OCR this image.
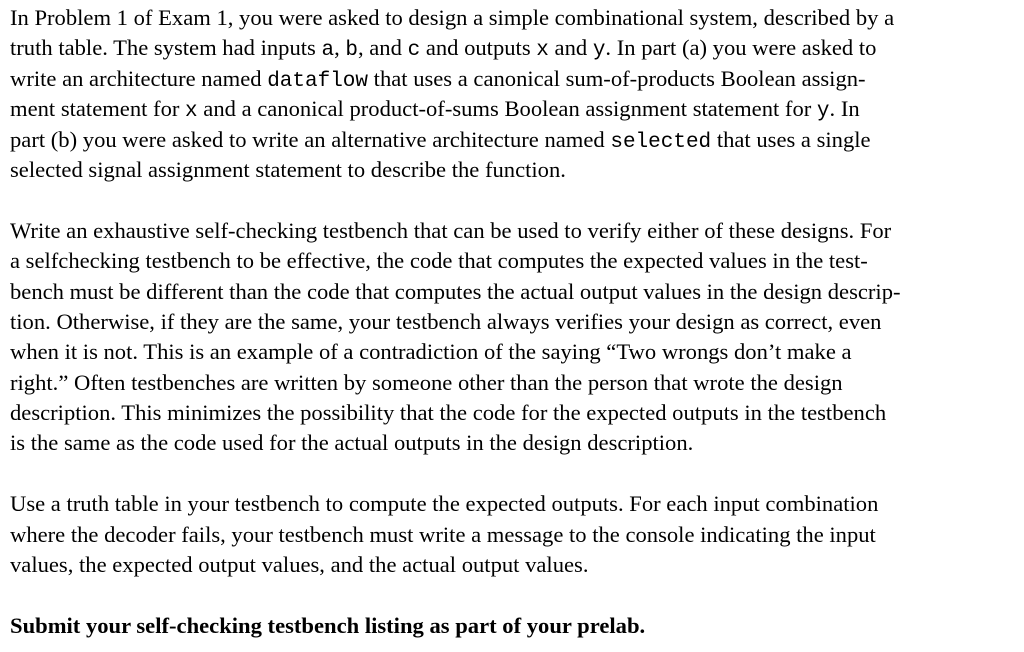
In Problem 1 of Exam 1, you were asked to design a simple combinational system, described by a
truth table. The system had inputs a, b, and c and outputs x and y. In part (a) you were asked to
write an architecture named dataflow that uses a canonical sum-of-products Boolean assign-
ment statement for x and a canonical product-of-sums Boolean assignment statement for y. In
part (b) you were asked to write an alternative architecture named selected that uses a single
selected signal assignment statement to describe the function.
Write an exhaustive self-checking testbench that can be used to verify either of these designs. For
a selfchecking testbench to be effective, the code that computes the expected values in the test-
bench must be different than the code that computes the actual output values in the design descrip-
tion. Otherwise, if they are the same, your testbench always verifies your design as correct, even
when it is not. This is an example of a contradiction of the saying “Two wrongs don’t make a
right.” Often testbenches are written by someone other than the person that wrote the design
description. This minimizes the possibility that the code for the expected outputs in the testbench
is the same as the code used for the actual outputs in the design description.
Use a truth table in your testbench to compute the expected outputs. For each input combination
where the decoder fails, your testbench must write a message to the console indicating the input
values, the expected output values, and the actual output values.
Submit your self-checking testbench listing as part of your prelab.
